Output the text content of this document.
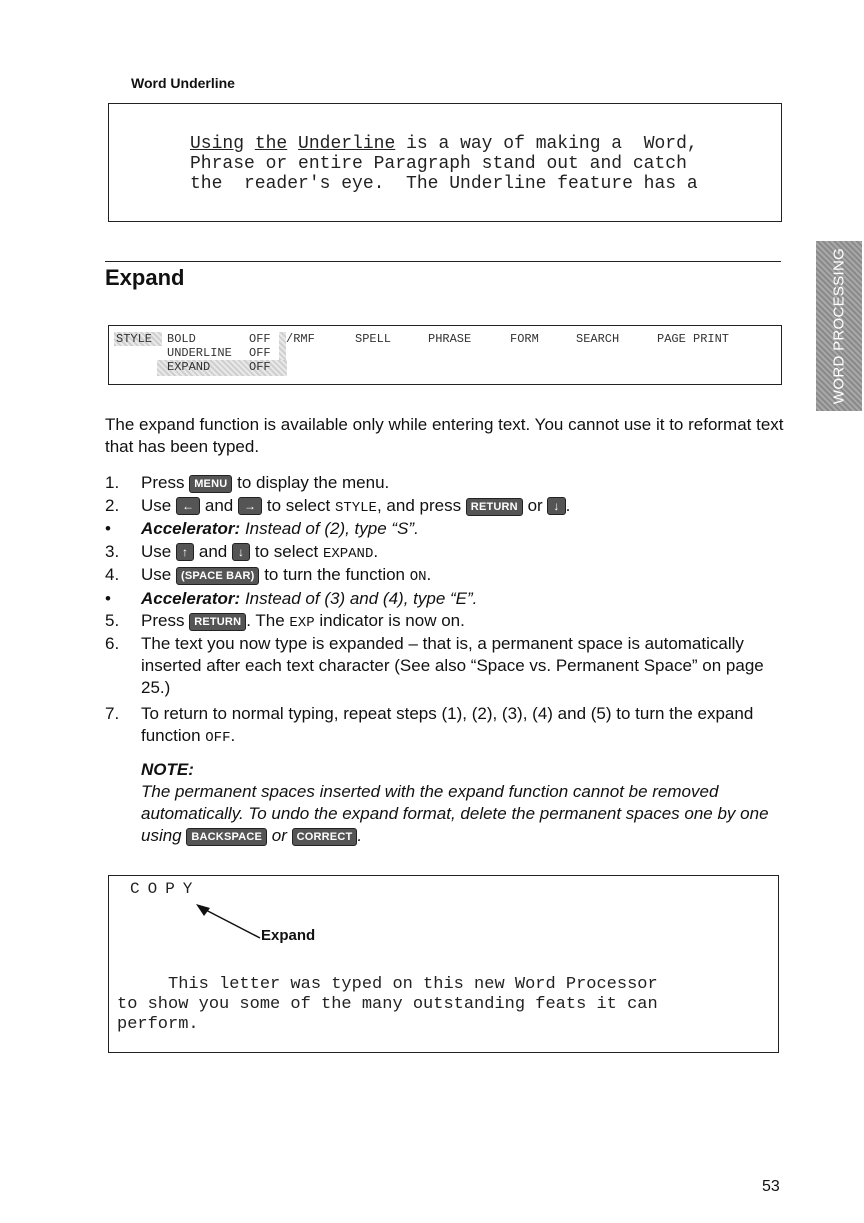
Word Underline
Using the Underline is a way of making a  Word,
Phrase or entire Paragraph stand out and catch
the  reader's eye.  The Underline feature has a
Expand
STYLE BOLD	OFF
UNDERLINE OFF
EXPAND	OFF
/RMF	SPELL	PHRASE	FORM	SEARCH	PAGE PRINT	WORD PROCESSING
The expand function is available only while entering text. You cannot use it to reformat text that has been typed.
1.	Press MENU to display the menu.
2.	Use ← and → to select STYLE, and press RETURN or ↓ .
•	Accelerator: Instead of (2), type “S”.
3.	Use ↑ and ↓ to select EXPAND.
4.	Use (SPACE BAR) to turn the function ON.
•	Accelerator: Instead of (3) and (4), type “E”.
5.	Press RETURN . The EXP indicator is now on.
6.	The text you now type is expanded – that is, a permanent space is automatically inserted after each text character (See also “Space vs. Permanent Space” on page 25.)
7.	To return to normal typing, repeat steps (1), (2), (3), (4) and (5) to turn the expand function OFF.
NOTE:
The permanent spaces inserted with the expand function cannot be removed automatically. To undo the expand format, delete the permanent spaces one by one using BACKSPACE or CORRECT .
COPY
Expand
This letter was typed on this new Word Processor
to show you some of the many outstanding feats it can
perform.
53
